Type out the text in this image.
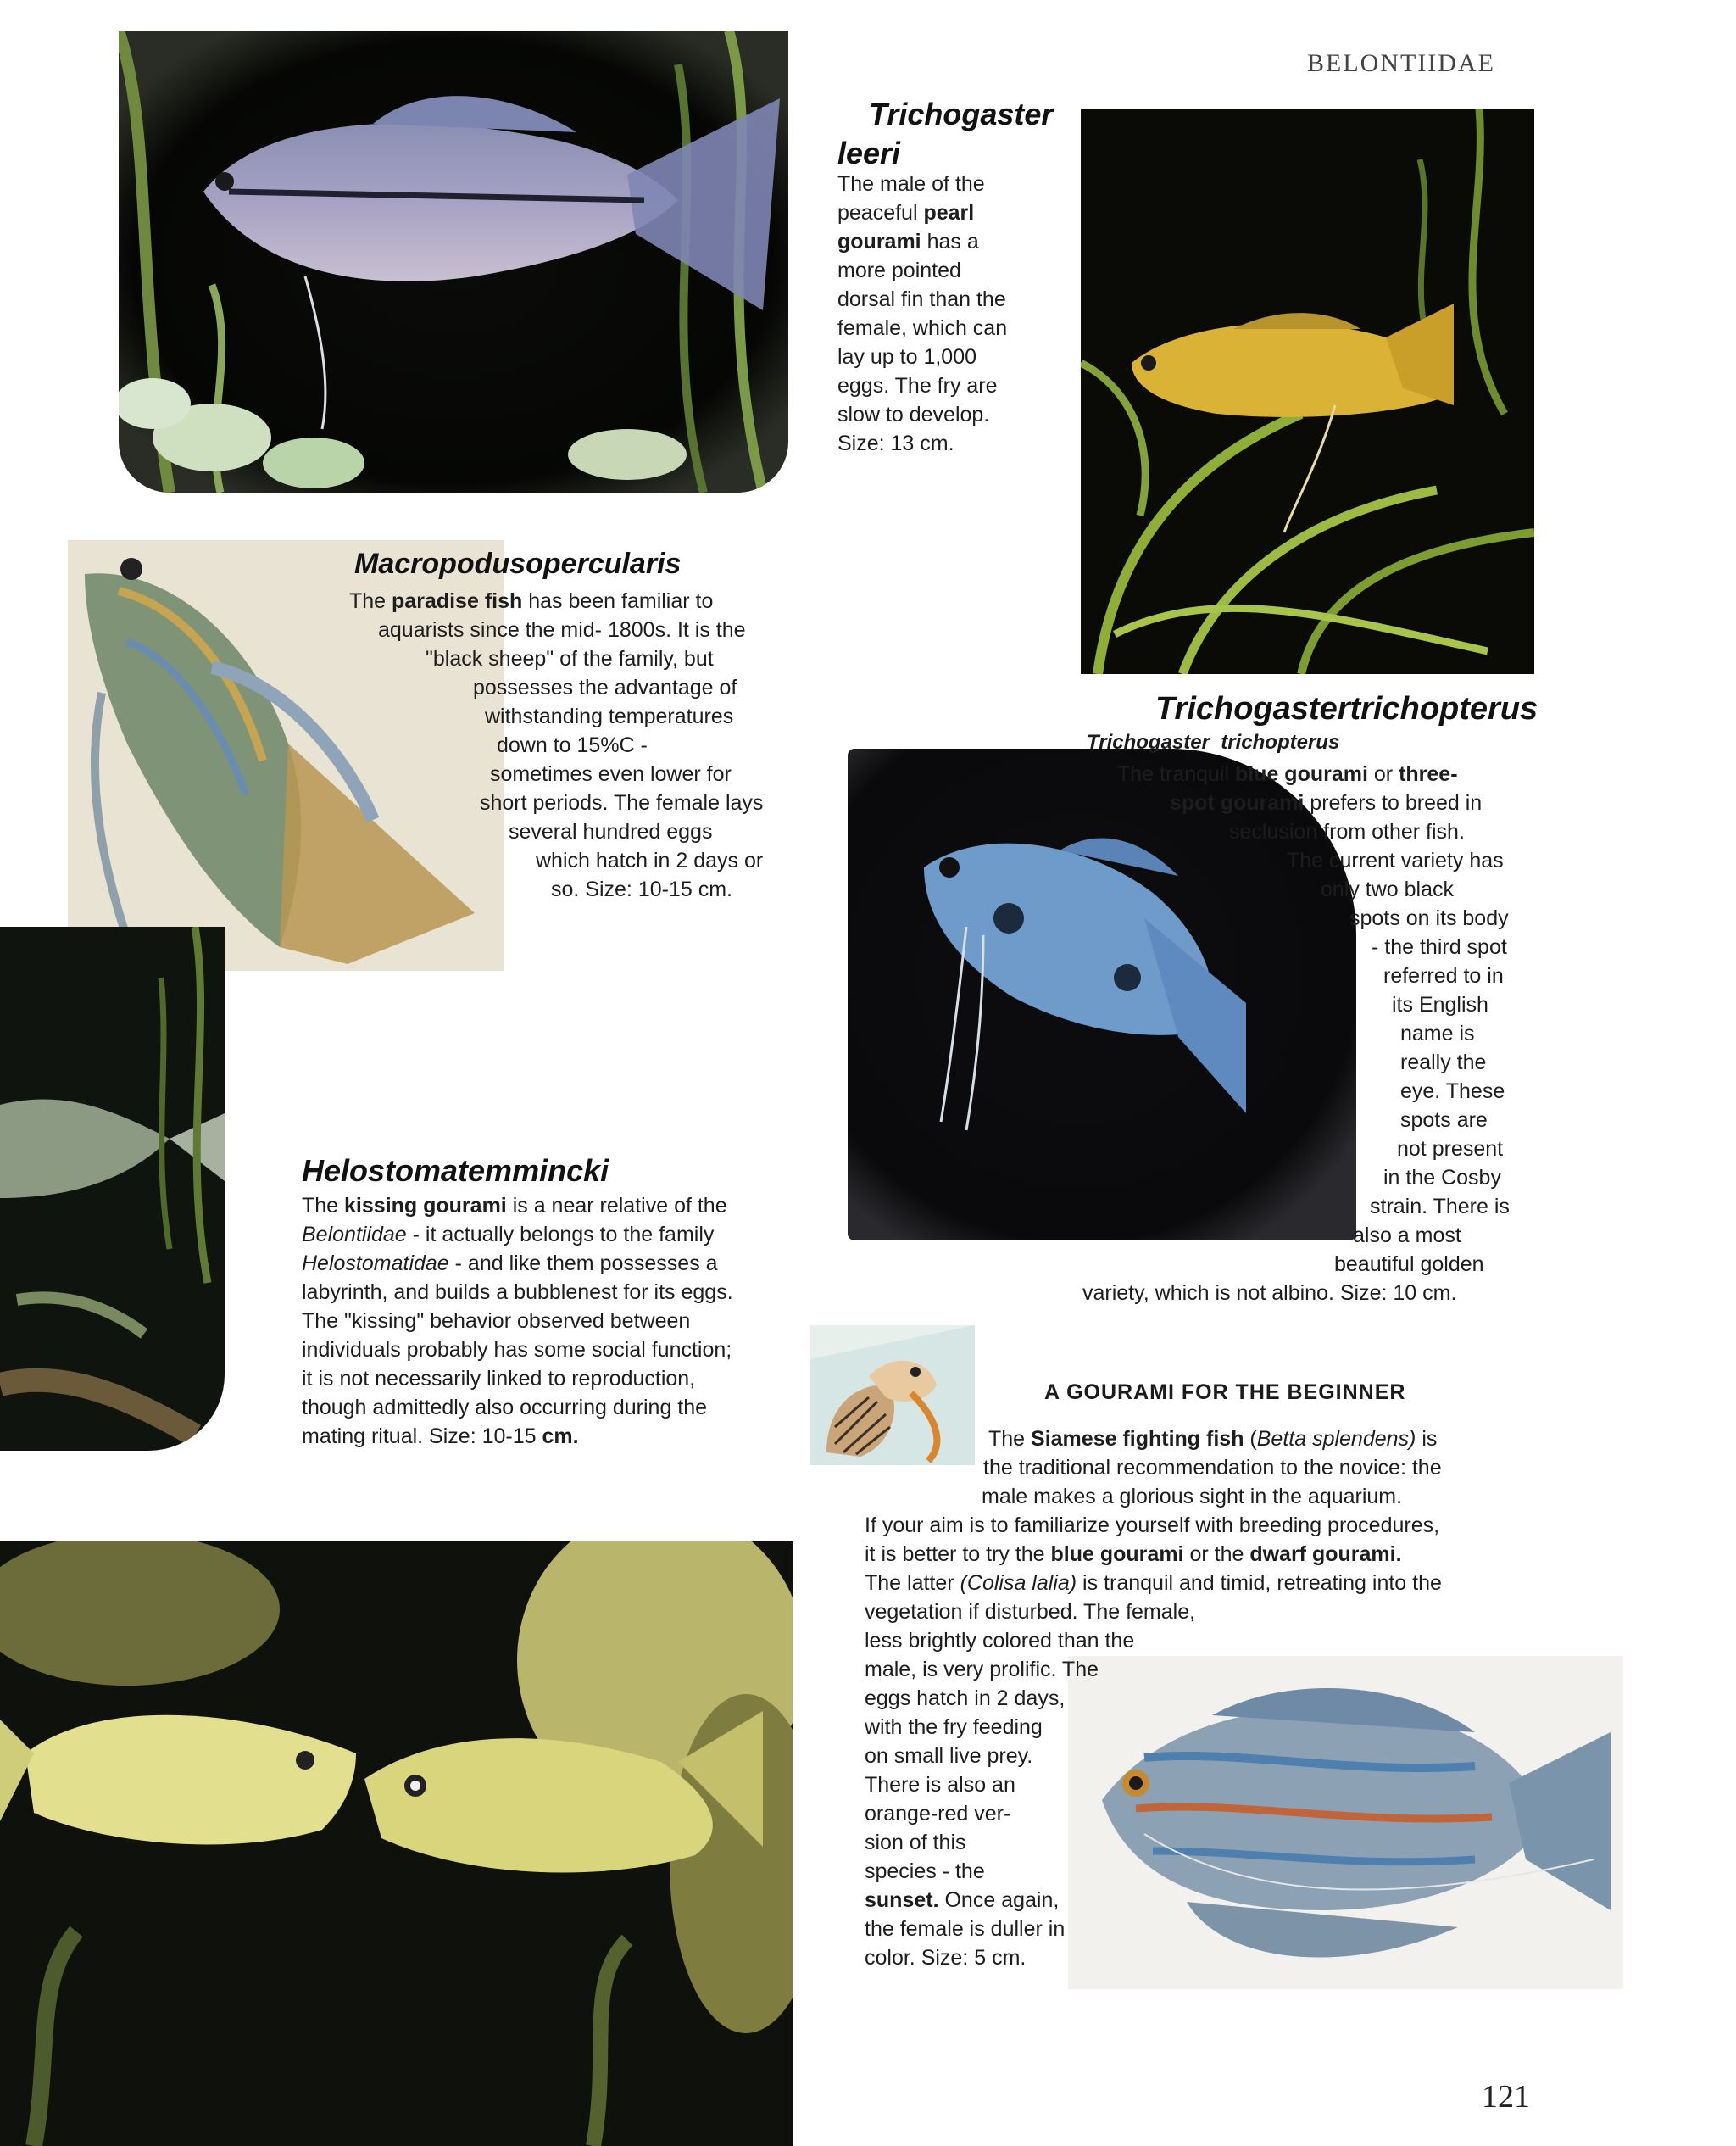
BELONTIIDAE
121
Trichogaster
leeri
The male of the
peaceful pearl
gourami has a
more pointed
dorsal fin than the
female, which can
lay up to 1,000
eggs. The fry are
slow to develop.
Size: 13 cm.
Macropodusopercularis
The paradise fish has been familiar to
aquarists since the mid- 1800s. It is the
"black sheep" of the family, but
possesses the advantage of
withstanding temperatures
down to 15%C -
sometimes even lower for
short periods. The female lays
several hundred eggs
which hatch in 2 days or
so. Size: 10-15 cm.
Trichogastertrichopterus
Trichogaster  trichopterus
The tranquil blue gourami or three-
spot gourami prefers to breed in
seclusion from other fish.
The current variety has
only two black
spots on its body
- the third spot
referred to in
its English
name is
really the
eye. These
spots are
not present
in the Cosby
strain. There is
also a most
beautiful golden
variety, which is not albino. Size: 10 cm.
Helostomatemmincki
The kissing gourami is a near relative of the
Belontiidae - it actually belongs to the family
Helostomatidae - and like them possesses a
labyrinth, and builds a bubblenest for its eggs.
The "kissing" behavior observed between
individuals probably has some social function;
it is not necessarily linked to reproduction,
though admittedly also occurring during the
mating ritual. Size: 10-15 cm.
A GOURAMI FOR THE BEGINNER
The Siamese fighting fish (Betta splendens) is
the traditional recommendation to the novice: the
male makes a glorious sight in the aquarium.
If your aim is to familiarize yourself with breeding procedures,
it is better to try the blue gourami or the dwarf gourami.
The latter (Colisa lalia) is tranquil and timid, retreating into the
vegetation if disturbed. The female,
less brightly colored than the
male, is very prolific. The
eggs hatch in 2 days,
with the fry feeding
on small live prey.
There is also an
orange-red ver-
sion of this
species - the
sunset. Once again,
the female is duller in
color. Size: 5 cm.
